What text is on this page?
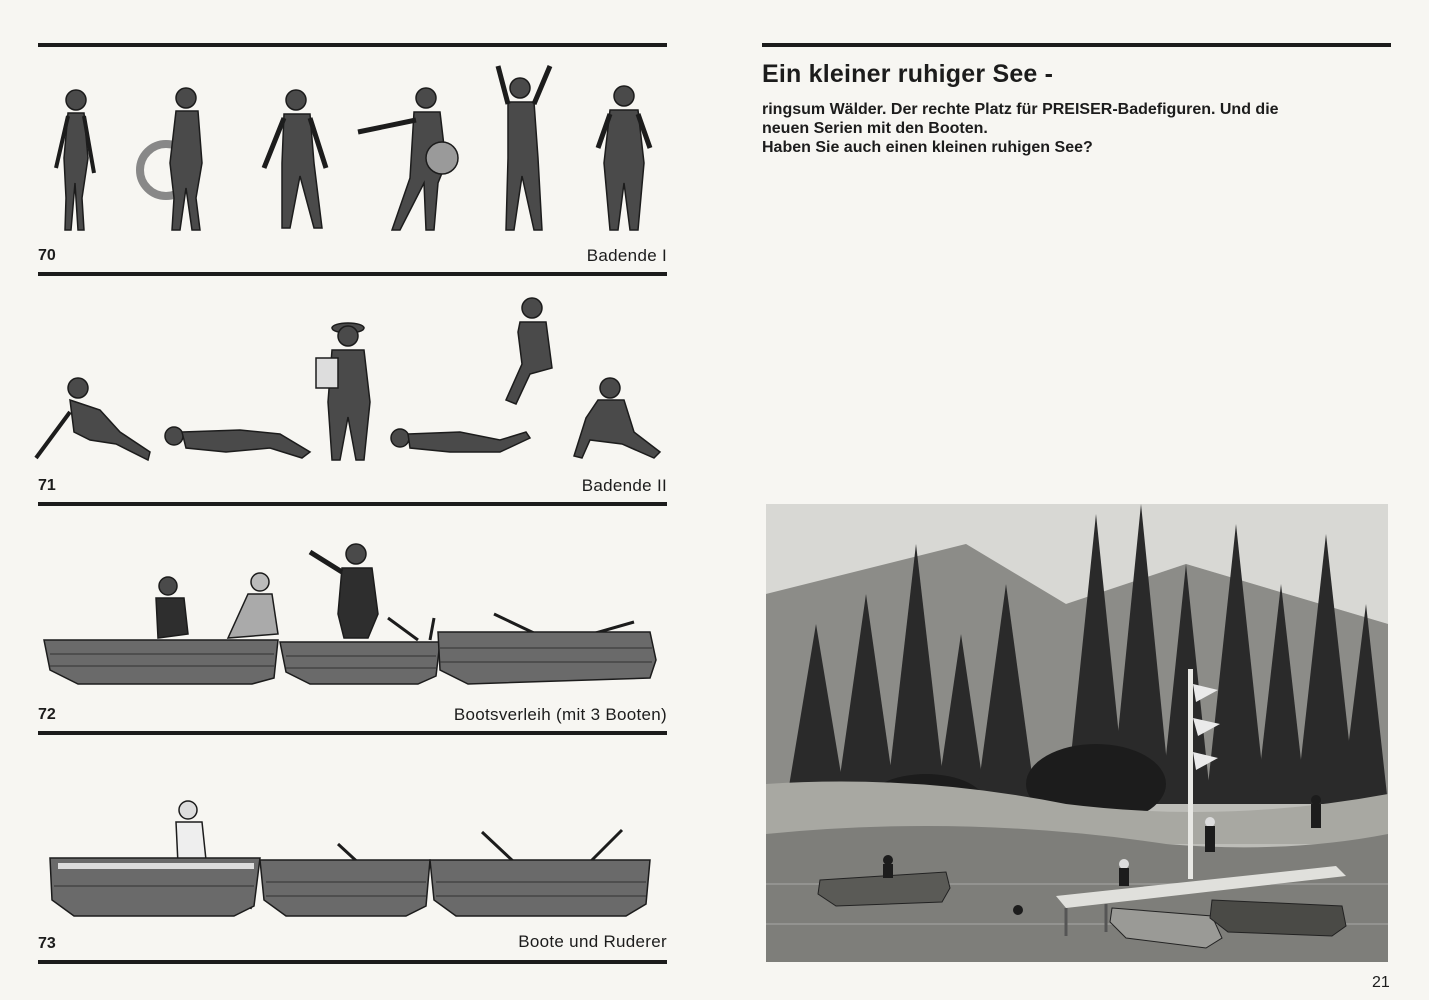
70	Badende I
71	Badende II
72	Bootsverleih (mit 3 Booten)
73	Boote und Ruderer
Ein kleiner ruhiger See -

ringsum Wälder. Der rechte Platz für PREISER-Badefiguren. Und die

neuen Serien mit den Booten.

Haben Sie auch einen kleinen ruhigen See?

21
